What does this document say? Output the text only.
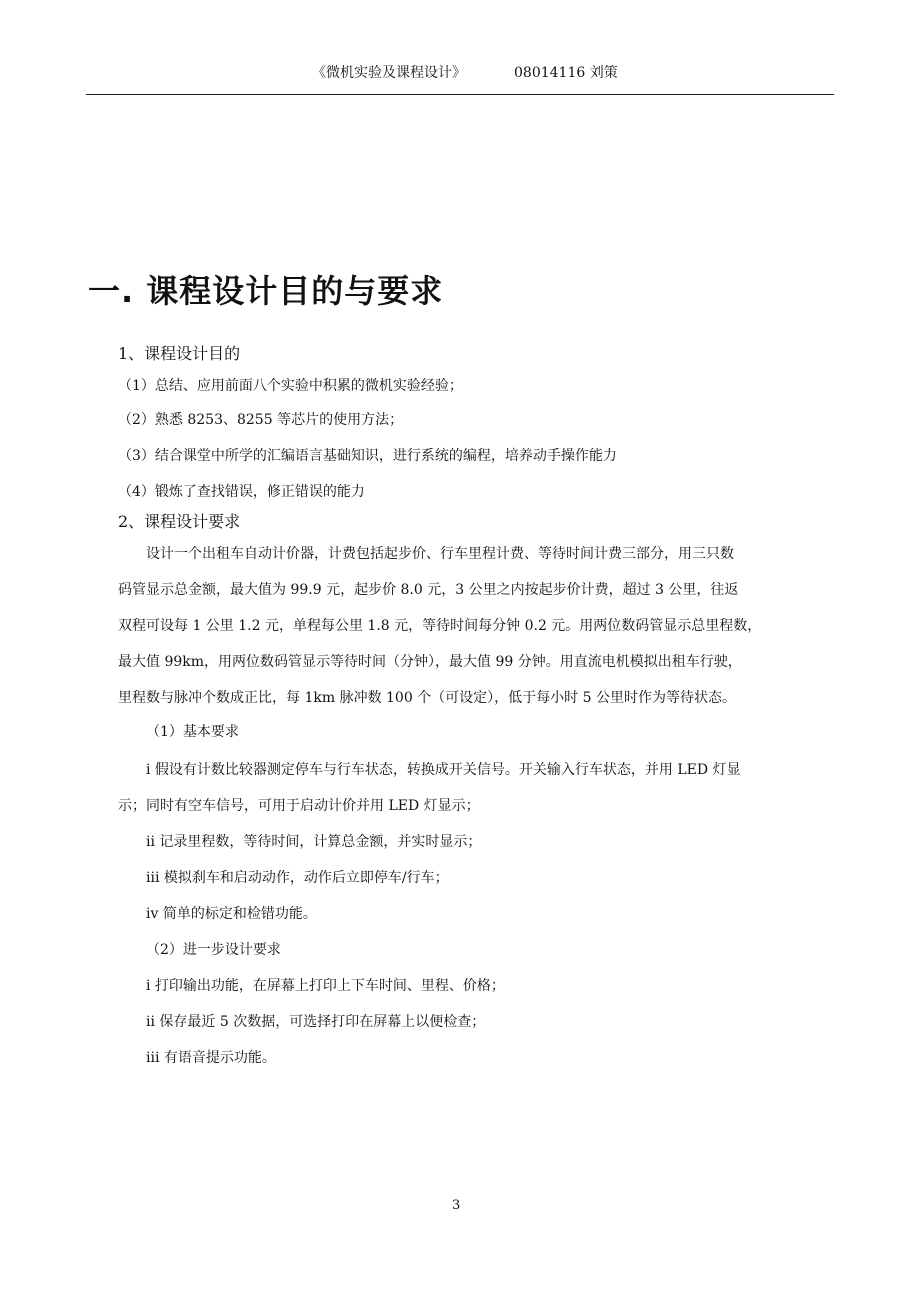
《微机实验及课程设计》	08014116 刘策
一. 课程设计目的与要求
1、课程设计目的
（1）总结、应用前面八个实验中积累的微机实验经验；
（2）熟悉 8253、8255 等芯片的使用方法；
（3）结合课堂中所学的汇编语言基础知识，进行系统的编程，培养动手操作能力
（4）锻炼了查找错误，修正错误的能力
2、课程设计要求
设计一个出租车自动计价器，计费包括起步价、行车里程计费、等待时间计费三部分，用三只数
码管显示总金额，最大值为 99.9 元，起步价 8.0 元，3 公里之内按起步价计费，超过 3 公里，往返
双程可设每 1 公里 1.2 元，单程每公里 1.8 元，等待时间每分钟 0.2 元。用两位数码管显示总里程数，
最大值 99km，用两位数码管显示等待时间（分钟），最大值 99 分钟。用直流电机模拟出租车行驶，
里程数与脉冲个数成正比，每 1km 脉冲数 100 个（可设定），低于每小时 5 公里时作为等待状态。
（1）基本要求
i 假设有计数比较器测定停车与行车状态，转换成开关信号。开关输入行车状态，并用 LED 灯显
示；同时有空车信号，可用于启动计价并用 LED 灯显示；
ii 记录里程数，等待时间，计算总金额，并实时显示；
iii 模拟刹车和启动动作，动作后立即停车/行车；
iv 简单的标定和检错功能。
（2）进一步设计要求
i 打印输出功能，在屏幕上打印上下车时间、里程、价格；
ii 保存最近 5 次数据，可选择打印在屏幕上以便检查；
iii 有语音提示功能。
3
